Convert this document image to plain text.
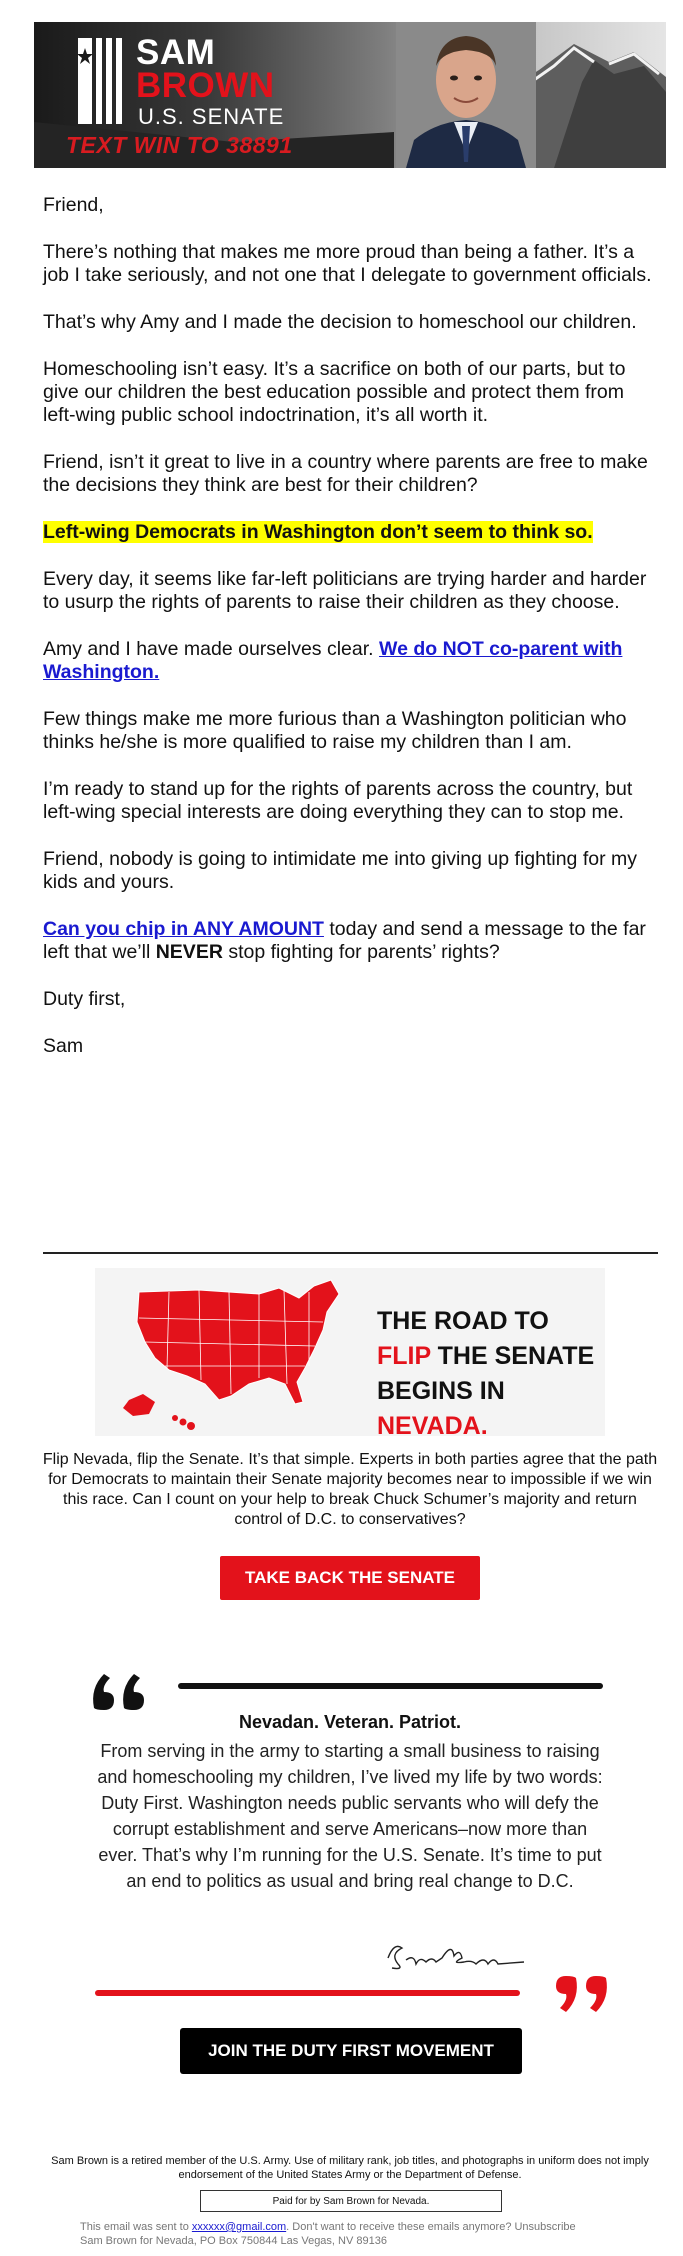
SAM
BROWN
U.S. SENATE
TEXT WIN TO 38891

Friend,

There’s nothing that makes me more proud than being a father. It’s a job I take seriously, and not one that I delegate to government officials.

That’s why Amy and I made the decision to homeschool our children.

Homeschooling isn’t easy. It’s a sacrifice on both of our parts, but to give our children the best education possible and protect them from left-wing public school indoctrination, it’s all worth it.

Friend, isn’t it great to live in a country where parents are free to make the decisions they think are best for their children?

Left-wing Democrats in Washington don’t seem to think so.

Every day, it seems like far-left politicians are trying harder and harder to usurp the rights of parents to raise their children as they choose.

Amy and I have made ourselves clear. We do NOT co-parent with Washington.

Few things make me more furious than a Washington politician who thinks he/she is more qualified to raise my children than I am.

I’m ready to stand up for the rights of parents across the country, but left-wing special interests are doing everything they can to stop me.

Friend, nobody is going to intimidate me into giving up fighting for my kids and yours.

Can you chip in ANY AMOUNT today and send a message to the far left that we’ll NEVER stop fighting for parents’ rights?

Duty first,

Sam

THE ROAD TO
FLIP THE SENATE
BEGINS IN NEVADA.
Flip Nevada, flip the Senate. It’s that simple. Experts in both parties agree that the path for Democrats to maintain their Senate majority becomes near to impossible if we win this race. Can I count on your help to break Chuck Schumer’s majority and return control of D.C. to conservatives?
TAKE BACK THE SENATE
Nevadan. Veteran. Patriot.
From serving in the army to starting a small business to raising and homeschooling my children, I’ve lived my life by two words: Duty First. Washington needs public servants who will defy the corrupt establishment and serve Americans–now more than ever. That’s why I’m running for the U.S. Senate. It’s time to put an end to politics as usual and bring real change to D.C.
JOIN THE DUTY FIRST MOVEMENT
Sam Brown is a retired member of the U.S. Army. Use of military rank, job titles, and photographs in uniform does not imply endorsement of the United States Army or the Department of Defense.
Paid for by Sam Brown for Nevada.
This email was sent to xxxxxx@gmail.com. Don't want to receive these emails anymore? Unsubscribe
Sam Brown for Nevada, PO Box 750844 Las Vegas, NV 89136
